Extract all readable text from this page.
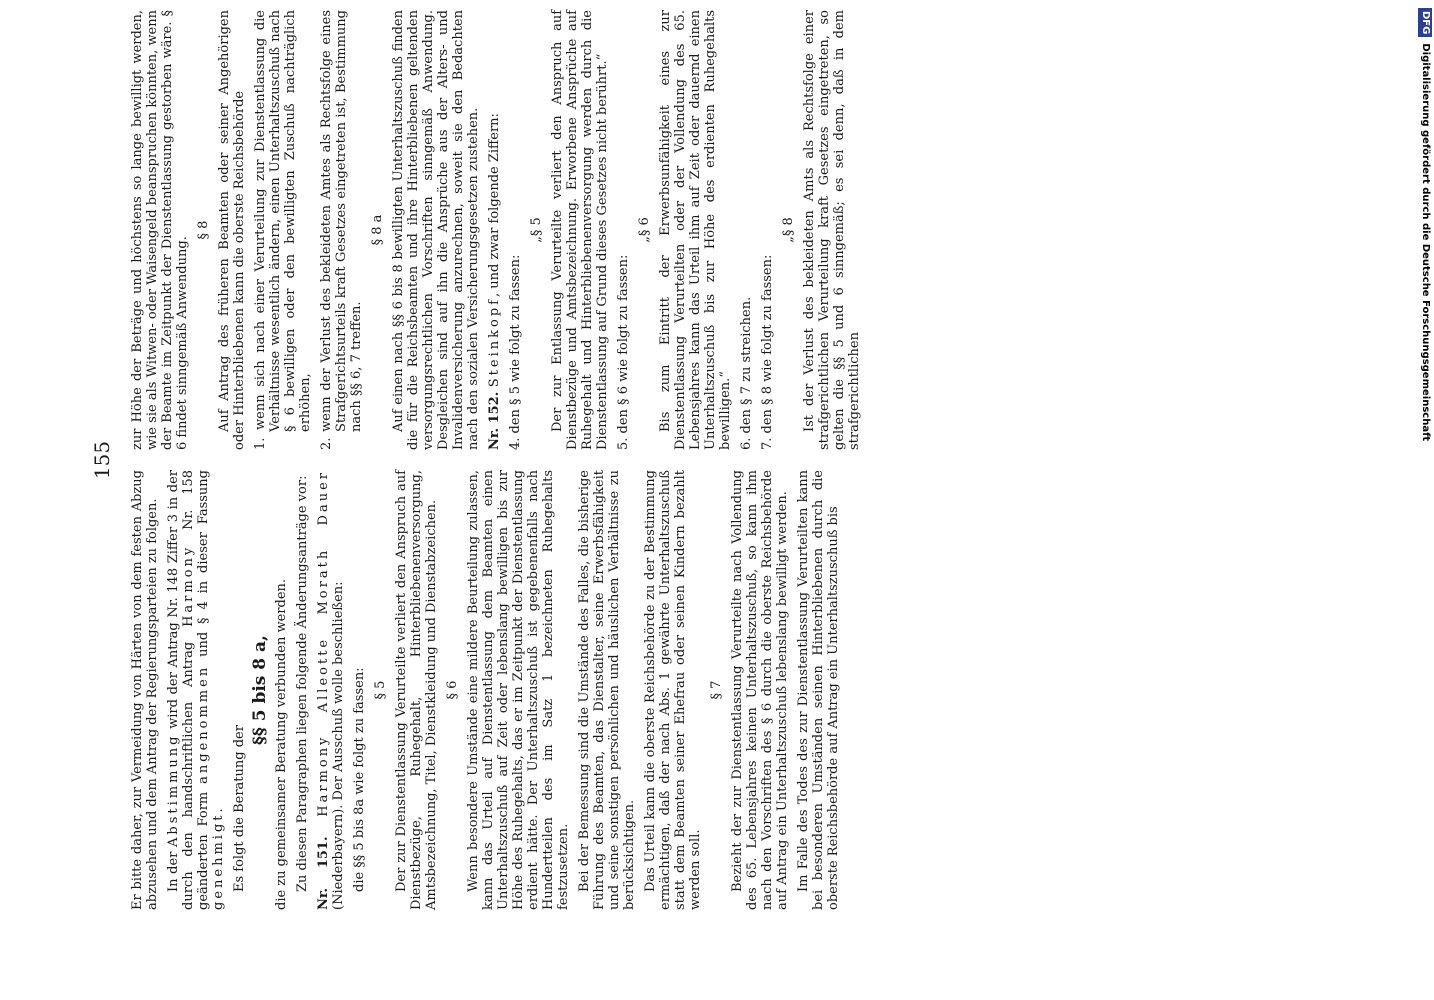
155

Er bitte daher, zur Vermeidung von Härten von dem festen Abzug abzusehen und dem Antrag der Regierungsparteien zu folgen. In der Abstimmung wird der Antrag Nr. 148 Ziffer 3 in der durch den handschriftlichen Antrag Harmony Nr. 158 geänderten Form angenommen und § 4 in dieser Fassung genehmigt. Es folgt die Beratung der

§§ 5 bis 8 a, die zu gemeinsamer Beratung verbunden werden. Zu diesen Paragraphen liegen folgende Änderungsanträge vor: Nr. 151. Harmony Alleotte Morath Dauer (Niederbayern). Der Ausschuß wolle beschließen: die §§ 5 bis 8a wie folgt zu fassen: § 5 Der zur Dienstentlassung Verurteilte verliert den Anspruch auf Dienstbezüge, Ruhegehalt, Hinterbliebenenversorgung, Amtsbezeichnung, Titel, Dienstkleidung und Dienstabzeichen. § 6 Wenn besondere Umstände eine mildere Beurteilung zulassen, kann das Urteil auf Dienstentlassung dem Beamten einen Unterhaltszuschuß auf Zeit oder lebenslang bewilligen bis zur Höhe des Ruhegehalts, das er im Zeitpunkt der Dienstentlassung erdient hätte. Der Unterhaltszuschuß ist gegebenenfalls nach Hundertteilen des im Satz 1 bezeichneten Ruhegehalts festzusetzen. Bei der Bemessung sind die Umstände des Falles, die bisherige Führung des Beamten, das Dienstalter, seine Erwerbsfähigkeit und seine sonstigen persönlichen und häuslichen Verhältnisse zu berücksichtigen. Das Urteil kann die oberste Reichsbehörde zu der Bestimmung ermächtigen, daß der nach Abs. 1 gewährte Unterhaltszuschuß statt dem Beamten seiner Ehefrau oder seinen Kindern bezahlt werden soll.

§ 7 Bezieht der zur Dienstentlassung Verurteilte nach Vollendung des 65. Lebensjahres keinen Unterhaltszuschuß, so kann ihm nach den Vorschriften des § 6 durch die oberste Reichsbehörde auf Antrag ein Unterhaltszuschuß lebenslang bewilligt werden. Im Falle des Todes des zur Dienstentlassung Verurteilten kann bei besonderen Umständen seinen Hinterbliebenen durch die oberste Reichsbehörde auf Antrag ein Unterhaltszuschuß bis

zur Höhe der Beträge und höchstens so lange bewilligt werden, wie sie als Witwen- oder Waisengeld beanspruchen könnten, wenn der Beamte im Zeitpunkt der Dienstentlassung gestorben wäre. § 6 findet sinngemäß Anwendung.

§ 8 Auf Antrag des früheren Beamten oder seiner Angehörigen oder Hinterbliebenen kann die oberste Reichsbehörde 1. wenn sich nach einer Verurteilung zur Dienstentlassung die Verhältnisse wesentlich ändern, einen Unterhaltszuschuß nach § 6 bewilligen oder den bewilligten Zuschuß nachträglich erhöhen, 2. wenn der Verlust des bekleideten Amtes als Rechtsfolge eines Strafgerichtsurteils kraft Gesetzes eingetreten ist, Bestimmung nach §§ 6, 7 treffen.

§ 8 a Auf einen nach §§ 6 bis 8 bewilligten Unterhaltszuschuß finden die für die Reichsbeamten und ihre Hinterbliebenen geltenden versorgungsrechtlichen Vorschriften sinngemäß Anwendung. Desgleichen sind auf ihn die Ansprüche aus der Alters- und Invalidenversicherung anzurechnen, soweit sie den Bedachten nach den sozialen Versicherungsgesetzen zustehen. Nr. 152. Steinkopf, und zwar folgende Ziffern:

4. den § 5 wie folgt zu fassen:

„§ 5 Der zur Entlassung Verurteilte verliert den Anspruch auf Dienstbezüge und Amtsbezeichnung. Erworbene Ansprüche auf Ruhegehalt und Hinterbliebenenversorgung werden durch die Dienstentlassung auf Grund dieses Gesetzes nicht berührt.“ 5. den § 6 wie folgt zu fassen:

„§ 6 Bis zum Eintritt der Erwerbsunfähigkeit eines zur Dienstentlassung Verurteilten oder der Vollendung des 65. Lebensjahres kann das Urteil ihm auf Zeit oder dauernd einen Unterhaltszuschuß bis zur Höhe des erdienten Ruhegehalts bewilligen.“ 6. den § 7 zu streichen. 7. den § 8 wie folgt zu fassen:

„§ 8 Ist der Verlust des bekleideten Amts als Rechtsfolge einer strafgerichtlichen Verurteilung kraft Gesetzes eingetreten, so gelten die §§ 5 und 6 sinngemäß; es sei denn, daß in dem strafgerichtlichen

DFGDigitalisierung gefördert durch die Deutsche Forschungsgemeinschaft
